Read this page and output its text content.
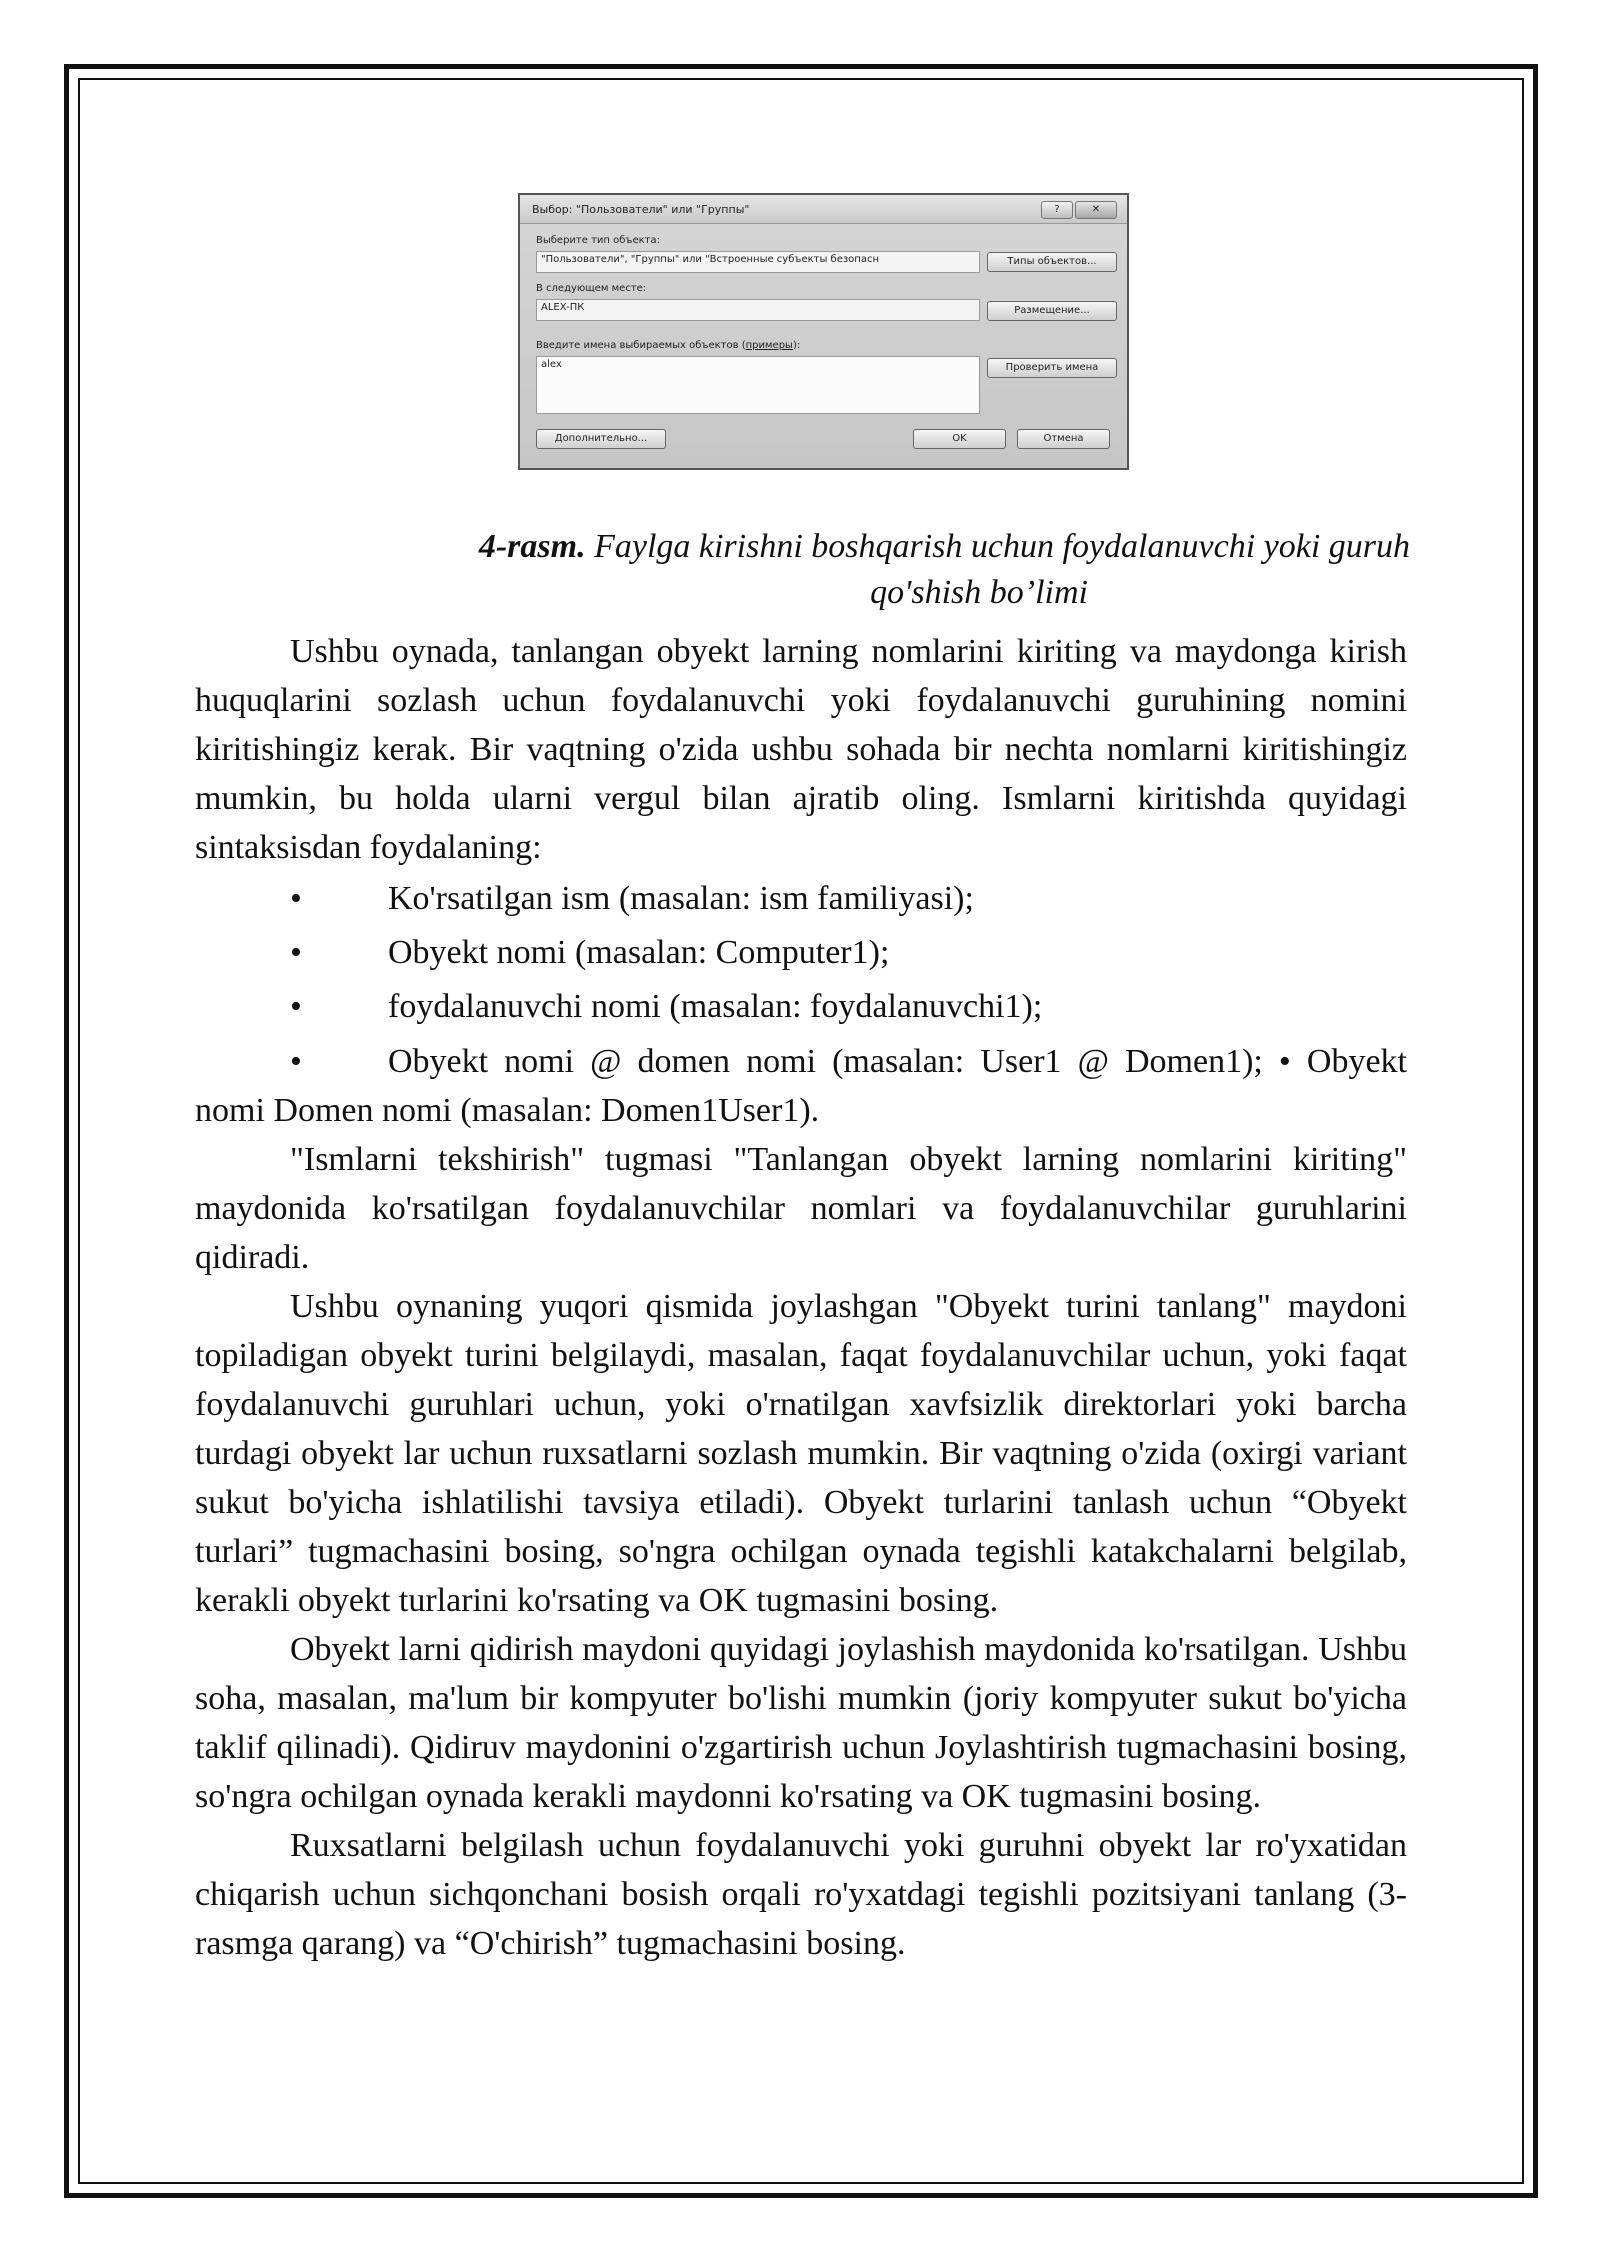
Выбор: "Пользователи" или "Группы"	?	✕
Выберите тип объекта:
"Пользователи", "Группы" или "Встроенные субъекты безопасн	Типы объектов...
В следующем месте:
ALEX-ПК	Размещение...
Введите имена выбираемых объектов (примеры):
alex	Проверить имена
Дополнительно...	OK	Отмена
4-rasm. Faylga kirishni boshqarish uchun foydalanuvchi yoki guruh
qo'shish bo’limi

Ushbu oynada, tanlangan obyekt larning nomlarini kiriting va maydonga kirish huquqlarini sozlash uchun foydalanuvchi yoki foydalanuvchi guruhining nomini kiritishingiz kerak. Bir vaqtning o'zida ushbu sohada bir nechta nomlarni kiritishingiz mumkin, bu holda ularni vergul bilan ajratib oling. Ismlarni kiritishda quyidagi sintaksisdan foydalaning:

•	Ko'rsatilgan ism (masalan: ism familiyasi);

•	Obyekt nomi (masalan: Computer1);

•	foydalanuvchi nomi (masalan: foydalanuvchi1);

•	Obyekt nomi @ domen nomi (masalan: User1 @ Domen1); • Obyekt nomi Domen nomi (masalan: Domen1User1).

"Ismlarni tekshirish" tugmasi "Tanlangan obyekt larning nomlarini kiriting" maydonida ko'rsatilgan foydalanuvchilar nomlari va foydalanuvchilar guruhlarini qidiradi.

Ushbu oynaning yuqori qismida joylashgan "Obyekt turini tanlang" maydoni topiladigan obyekt turini belgilaydi, masalan, faqat foydalanuvchilar uchun, yoki faqat foydalanuvchi guruhlari uchun, yoki o'rnatilgan xavfsizlik direktorlari yoki barcha turdagi obyekt lar uchun ruxsatlarni sozlash mumkin. Bir vaqtning o'zida (oxirgi variant sukut bo'yicha ishlatilishi tavsiya etiladi). Obyekt turlarini tanlash uchun “Obyekt turlari” tugmachasini bosing, so'ngra ochilgan oynada tegishli katakchalarni belgilab, kerakli obyekt turlarini ko'rsating va OK tugmasini bosing.

Obyekt larni qidirish maydoni quyidagi joylashish maydonida ko'rsatilgan. Ushbu soha, masalan, ma'lum bir kompyuter bo'lishi mumkin (joriy kompyuter sukut bo'yicha taklif qilinadi). Qidiruv maydonini o'zgartirish uchun Joylashtirish tugmachasini bosing, so'ngra ochilgan oynada kerakli maydonni ko'rsating va OK tugmasini bosing.

Ruxsatlarni belgilash uchun foydalanuvchi yoki guruhni obyekt lar ro'yxatidan chiqarish uchun sichqonchani bosish orqali ro'yxatdagi tegishli pozitsiyani tanlang (3-rasmga qarang) va “O'chirish” tugmachasini bosing.
